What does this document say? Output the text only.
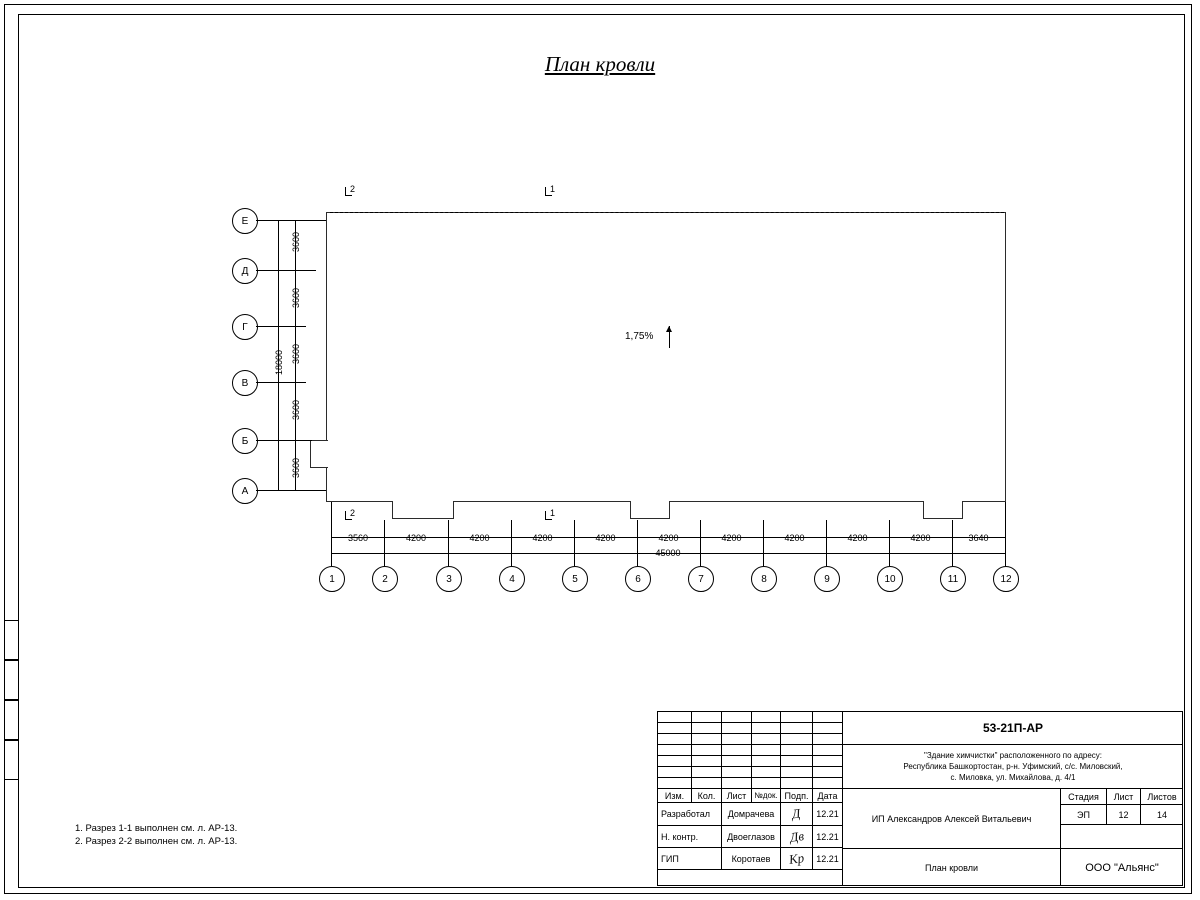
План кровли
1,75%
2	1
2	1
Е
Д
Г
В
Б
А
3600
3600
3600
3600
3600
18000
1	2	3	4	5	6	7	8	9	10	11	12
3560	4200	4200	4200	4200	4200	4200	4200	4200	4200	3640
45000
1. Разрез 1-1 выполнен см. л. АР-13.
2. Разрез 2-2 выполнен см. л. АР-13.
Изм.	Кол.	Лист	№док. Подп.	Дата
Разработал	Домрачева	Д	12.21
Н. контр.	Двоеглазов	Дв	12.21
ГИП	Коротаев	Кр	12.21
53-21П-АР
"Здание химчистки" расположенного по адресу:
Республика Башкортостан, р-н. Уфимский, с/с. Миловский,
с. Миловка, ул. Михайлова, д. 4/1
ИП Александров Алексей Витальевич
Стадия	Лист	Листов
ЭП	12	14
План кровли	ООО "Альянс"
